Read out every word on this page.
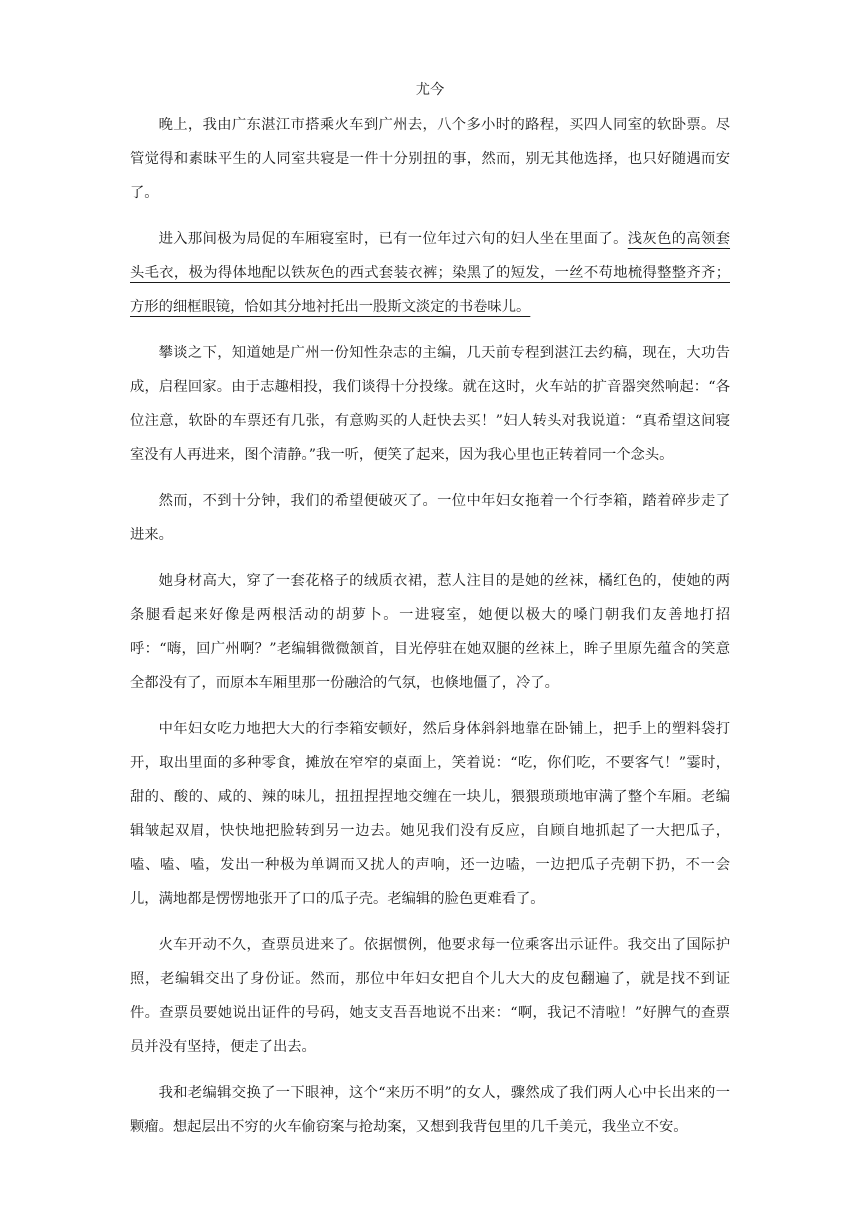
尤今

晚上，我由广东湛江市搭乘火车到广州去，八个多小时的路程，买四人同室的软卧票。尽管觉得和素昧平生的人同室共寝是一件十分别扭的事，然而，别无其他选择，也只好随遇而安了。

进入那间极为局促的车厢寝室时，已有一位年过六旬的妇人坐在里面了。浅灰色的高领套头毛衣，极为得体地配以铁灰色的西式套装衣裤；染黑了的短发，一丝不苟地梳得整整齐齐；方形的细框眼镜，恰如其分地衬托出一股斯文淡定的书卷味儿。

攀谈之下，知道她是广州一份知性杂志的主编，几天前专程到湛江去约稿，现在，大功告成，启程回家。由于志趣相投，我们谈得十分投缘。就在这时，火车站的扩音器突然响起：“各位注意，软卧的车票还有几张，有意购买的人赶快去买！”妇人转头对我说道：“真希望这间寝室没有人再进来，图个清静。”我一听，便笑了起来，因为我心里也正转着同一个念头。

然而，不到十分钟，我们的希望便破灭了。一位中年妇女拖着一个行李箱，踏着碎步走了进来。

她身材高大，穿了一套花格子的绒质衣裙，惹人注目的是她的丝袜，橘红色的，使她的两条腿看起来好像是两根活动的胡萝卜。一进寝室，她便以极大的嗓门朝我们友善地打招呼：“嗨，回广州啊？”老编辑微微颔首，目光停驻在她双腿的丝袜上，眸子里原先蕴含的笑意全都没有了，而原本车厢里那一份融洽的气氛，也倏地僵了，冷了。

中年妇女吃力地把大大的行李箱安顿好，然后身体斜斜地靠在卧铺上，把手上的塑料袋打开，取出里面的多种零食，摊放在窄窄的桌面上，笑着说：“吃，你们吃，不要客气！”霎时，甜的、酸的、咸的、辣的味儿，扭扭捏捏地交缠在一块儿，猥猥琐琐地审满了整个车厢。老编辑皱起双眉，快快地把脸转到另一边去。她见我们没有反应，自顾自地抓起了一大把瓜子，嗑、嗑、嗑，发出一种极为单调而又扰人的声响，还一边嗑，一边把瓜子壳朝下扔，不一会儿，满地都是愣愣地张开了口的瓜子壳。老编辑的脸色更难看了。

火车开动不久，查票员进来了。依据惯例，他要求每一位乘客出示证件。我交出了国际护照，老编辑交出了身份证。然而，那位中年妇女把自个儿大大的皮包翻遍了，就是找不到证件。查票员要她说出证件的号码，她支支吾吾地说不出来：“啊，我记不清啦！”好脾气的查票员并没有坚持，便走了出去。

我和老编辑交换了一下眼神，这个“来历不明”的女人，骤然成了我们两人心中长出来的一颗瘤。想起层出不穷的火车偷窃案与抢劫案，又想到我背包里的几千美元，我坐立不安。
